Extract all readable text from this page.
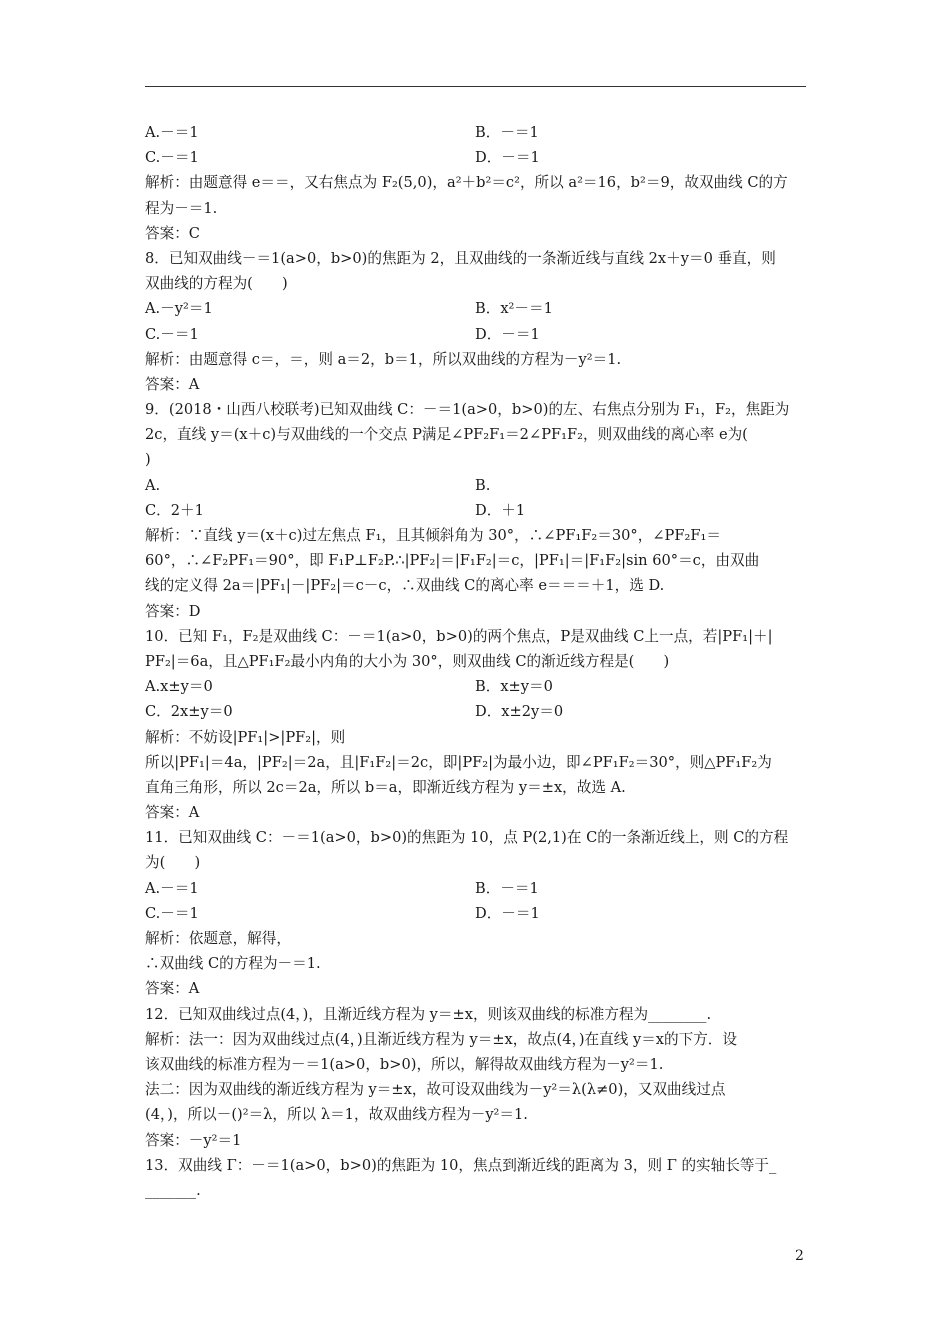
A.－＝1	B．－＝1
C.－＝1	D．－＝1
解析：由题意得 e＝＝，又右焦点为 F₂(5,0)，a²＋b²＝c²，所以 a²＝16，b²＝9，故双曲线 C的方
程为－＝1.
答案：C
8．已知双曲线－＝1(a>0，b>0)的焦距为 2，且双曲线的一条渐近线与直线 2x＋y＝0 垂直，则
双曲线的方程为(　　)
A.－y²＝1	B．x²－＝1
C.－＝1	D．－＝1
解析：由题意得 c＝，＝，则 a＝2，b＝1，所以双曲线的方程为－y²＝1.
答案：A
9．(2018・山西八校联考)已知双曲线 C：－＝1(a>0，b>0)的左、右焦点分别为 F₁，F₂，焦距为
2c，直线 y＝(x＋c)与双曲线的一个交点 P满足∠PF₂F₁＝2∠PF₁F₂，则双曲线的离心率 e为(
)
A.	B.
C．2＋1	D．＋1
解析：∵直线 y＝(x＋c)过左焦点 F₁，且其倾斜角为 30°，∴∠PF₁F₂＝30°，∠PF₂F₁＝
60°，∴∠F₂PF₁＝90°，即 F₁P⊥F₂P.∴|PF₂|＝|F₁F₂|＝c，|PF₁|＝|F₁F₂|sin 60°＝c，由双曲
线的定义得 2a＝|PF₁|－|PF₂|＝c－c，∴双曲线 C的离心率 e＝＝＝＋1，选 D.
答案：D
10．已知 F₁，F₂是双曲线 C：－＝1(a>0，b>0)的两个焦点，P是双曲线 C上一点，若|PF₁|＋|
PF₂|＝6a，且△PF₁F₂最小内角的大小为 30°，则双曲线 C的渐近线方程是(　　)
A.x±y＝0	B．x±y＝0
C．2x±y＝0	D．x±2y＝0
解析：不妨设|PF₁|>|PF₂|，则
所以|PF₁|＝4a，|PF₂|＝2a，且|F₁F₂|＝2c，即|PF₂|为最小边，即∠PF₁F₂＝30°，则△PF₁F₂为
直角三角形，所以 2c＝2a，所以 b＝a，即渐近线方程为 y＝±x，故选 A.
答案：A
11．已知双曲线 C：－＝1(a>0，b>0)的焦距为 10，点 P(2,1)在 C的一条渐近线上，则 C的方程
为(　　)
A.－＝1	B．－＝1
C.－＝1	D．－＝1
解析：依题意，解得，
∴双曲线 C的方程为－＝1.
答案：A
12．已知双曲线过点(4，)，且渐近线方程为 y＝±x，则该双曲线的标准方程为________.
解析：法一：因为双曲线过点(4，)且渐近线方程为 y＝±x，故点(4，)在直线 y＝x的下方．设
该双曲线的标准方程为－＝1(a>0，b>0)，所以，解得故双曲线方程为－y²＝1.
法二：因为双曲线的渐近线方程为 y＝±x，故可设双曲线为－y²＝λ(λ≠0)，又双曲线过点
(4，)，所以－()²＝λ，所以 λ＝1，故双曲线方程为－y²＝1.
答案：－y²＝1
13．双曲线 Γ：－＝1(a>0，b>0)的焦距为 10，焦点到渐近线的距离为 3，则 Γ 的实轴长等于_
_______.
2
